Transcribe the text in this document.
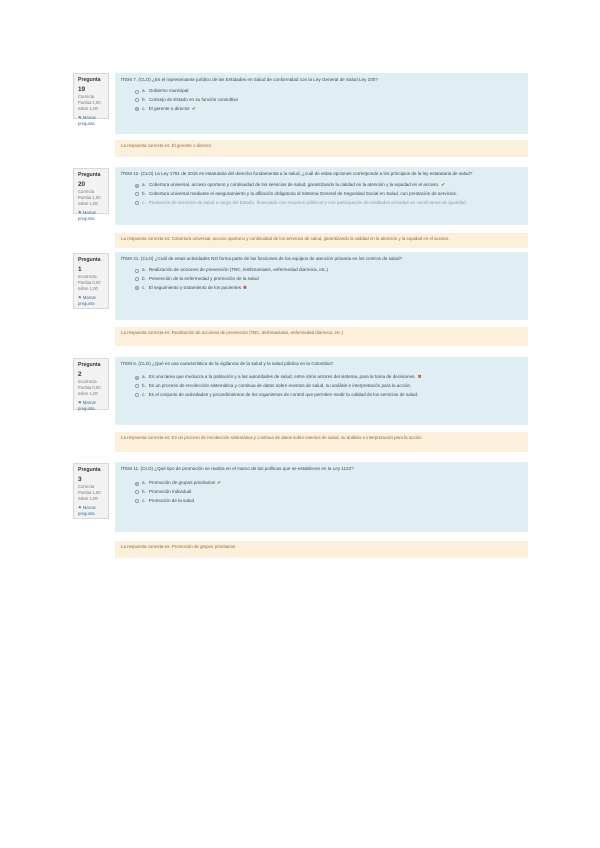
Pregunta 19
Correcta
Puntúa 1,00 sobre 1,00
⚑ Marcar pregunta

ÍTEM 7. (CLO) ¿Es el representante jurídico de las Entidades en Salud de conformidad con la Ley General de Salud Ley 100?

a. Gobierno municipal
b. Consejo de Estado en su función consultiva
c. El gerente o director ✔
La respuesta correcta es: El gerente o director
Pregunta 20
Correcta
Puntúa 1,00 sobre 1,00
⚑ Marcar pregunta

ÍTEM 12. (CLO) La Ley 1751 de 2015 es estatutaria del derecho fundamental a la salud, ¿cuál de estas opciones corresponde a los principios de la ley estatutaria de salud?

a. Cobertura universal, acceso oportuno y continuidad de los servicios de salud, garantizando la calidad en la atención y la equidad en el acceso. ✔
b. Cobertura universal mediante el aseguramiento y la afiliación obligatoria al Sistema General de Seguridad Social en Salud, con prestación de servicios.
c. Prestación de servicios de salud a cargo del Estado, financiada con recursos públicos y con participación de entidades privadas en condiciones de igualdad.
La respuesta correcta es: Cobertura universal, acceso oportuno y continuidad de los servicios de salud, garantizando la calidad en la atención y la equidad en el acceso.
Pregunta 1
Incorrecta
Puntúa 0,00 sobre 1,00
⚑ Marcar pregunta

ÍTEM 21. (CLO) ¿Cuál de estas actividades NO forma parte de las funciones de los equipos de atención primaria en los centros de salud?

a. Realización de acciones de prevención (TBC, leishmaniasis, enfermedad diarreica, etc.)
b. Prevención de la enfermedad y promoción de la salud
c. El seguimiento y tratamiento de los pacientes ✖
La respuesta correcta es: Realización de acciones de prevención (TBC, leishmaniasis, enfermedad diarreica, etc.)
Pregunta 2
Incorrecta
Puntúa 0,00 sobre 1,00
⚑ Marcar pregunta

ÍTEM 5. (CLO) ¿Qué es una característica de la vigilancia de la salud y la salud pública en la Colombia?

a. Es una tarea que involucra a la población y a las autoridades de salud, entre otros actores del sistema, para la toma de decisiones. ✖
b. Es un proceso de recolección sistemática y continua de datos sobre eventos de salud, su análisis e interpretación para la acción.
c. Es el conjunto de actividades y procedimientos de los organismos de control que permiten medir la calidad de los servicios de salud.
La respuesta correcta es: Es un proceso de recolección sistemática y continua de datos sobre eventos de salud, su análisis e interpretación para la acción.
Pregunta 3
Correcta
Puntúa 1,00 sobre 1,00
⚑ Marcar pregunta

ÍTEM 11. (CLO) ¿Qué tipo de promoción se realiza en el marco de las políticas que se establecen en la Ley 1122?

a. Promoción de grupos prioritarios ✔
b. Promoción individual
c. Promoción de la salud
La respuesta correcta es: Promoción de grupos prioritarios
